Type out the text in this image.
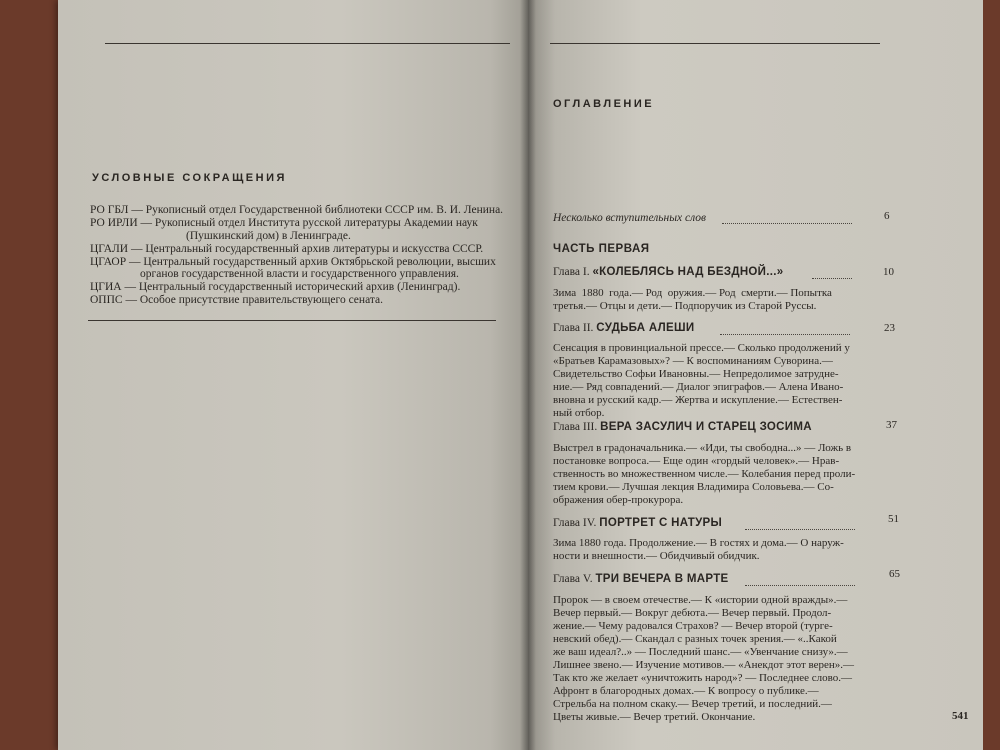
УСЛОВНЫЕ СОКРАЩЕНИЯ
РО ГБЛ — Рукописный отдел Государственной библиотеки СССР им. В. И. Ленина.
РО ИРЛИ — Рукописный отдел Института русской литературы Академии наук
(Пушкинский дом) в Ленинграде.
ЦГАЛИ — Центральный государственный архив литературы и искусства СССР.
ЦГАОР — Центральный государственный архив Октябрьской революции, высших
органов государственной власти и государственного управления.
ЦГИА — Центральный государственный исторический архив (Ленинград).
ОППС — Особое присутствие правительствующего сената.
ОГЛАВЛЕНИЕ
Несколько вступительных слов	6
ЧАСТЬ ПЕРВАЯ
Глава I. «КОЛЕБЛЯСЬ НАД БЕЗДНОЙ...»	10
Зима  1880  года.— Род  оружия.— Род  смерти.— Попытка
третья.— Отцы и дети.— Подпоручик из Старой Руссы.
Глава II. СУДЬБА АЛЕШИ	23
Сенсация в провинциальной прессе.— Сколько продолжений у
«Братьев Карамазовых»? — К воспоминаниям Суворина.—
Свидетельство Софьи Ивановны.— Непредолимое затрудне-
ние.— Ряд совпадений.— Диалог эпиграфов.— Алена Ивано-
вновна и русский кадр.— Жертва и искупление.— Естествен-
ный отбор.
Глава III. ВЕРА ЗАСУЛИЧ И СТАРЕЦ ЗОСИМА	37
Выстрел в градоначальника.— «Иди, ты свободна...» — Ложь в
постановке вопроса.— Еще один «гордый человек».— Нрав-
ственность во множественном числе.— Колебания перед проли-
тием крови.— Лучшая лекция Владимира Соловьева.— Со-
ображения обер-прокурора.
Глава IV. ПОРТРЕТ С НАТУРЫ	51
Зима 1880 года. Продолжение.— В гостях и дома.— О наруж-
ности и внешности.— Обидчивый обидчик.
Глава V. ТРИ ВЕЧЕРА В МАРТЕ	65
Пророк — в своем отечестве.— К «истории одной вражды».—
Вечер первый.— Вокруг дебюта.— Вечер первый. Продол-
жение.— Чему радовался Страхов? — Вечер второй (турге-
невский обед).— Скандал с разных точек зрения.— «..Какой
же ваш идеал?..» — Последний шанс.— «Увенчание снизу».—
Лишнее звено.— Изучение мотивов.— «Анекдот этот верен».—
Так кто же желает «уничтожить народ»? — Последнее слово.—
Афронт в благородных домах.— К вопросу о публике.—
Стрельба на полном скаку.— Вечер третий, и последний.—
Цветы живые.— Вечер третий. Окончание.	541
